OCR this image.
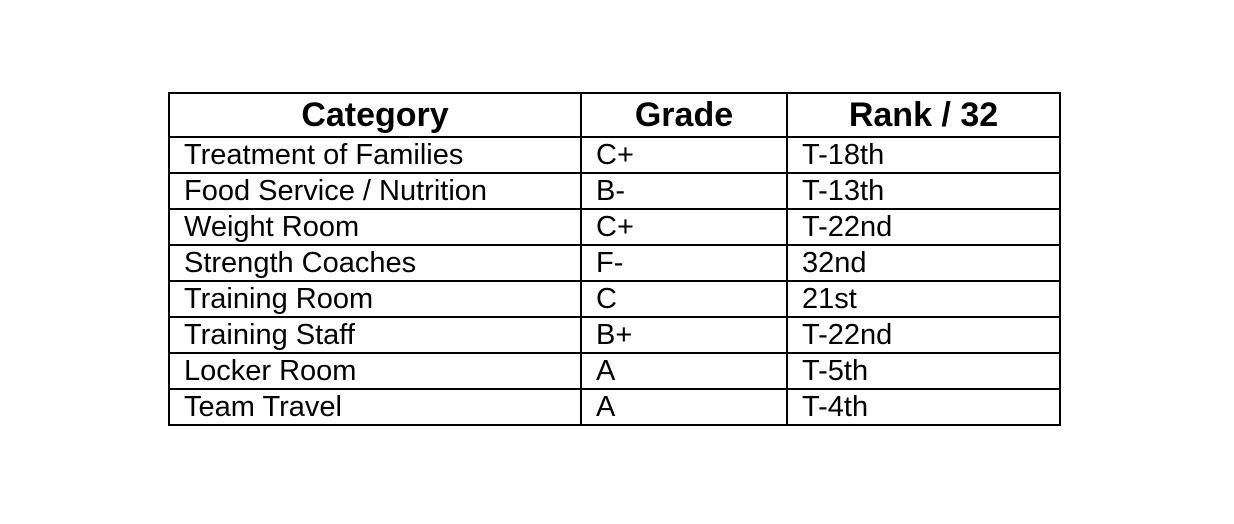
Category	Grade	Rank / 32
Treatment of Families	C+	T-18th
Food Service / Nutrition	B-	T-13th
Weight Room	C+	T-22nd
Strength Coaches	F-	32nd
Training Room	C	21st
Training Staff	B+	T-22nd
Locker Room	A	T-5th
Team Travel	A	T-4th
